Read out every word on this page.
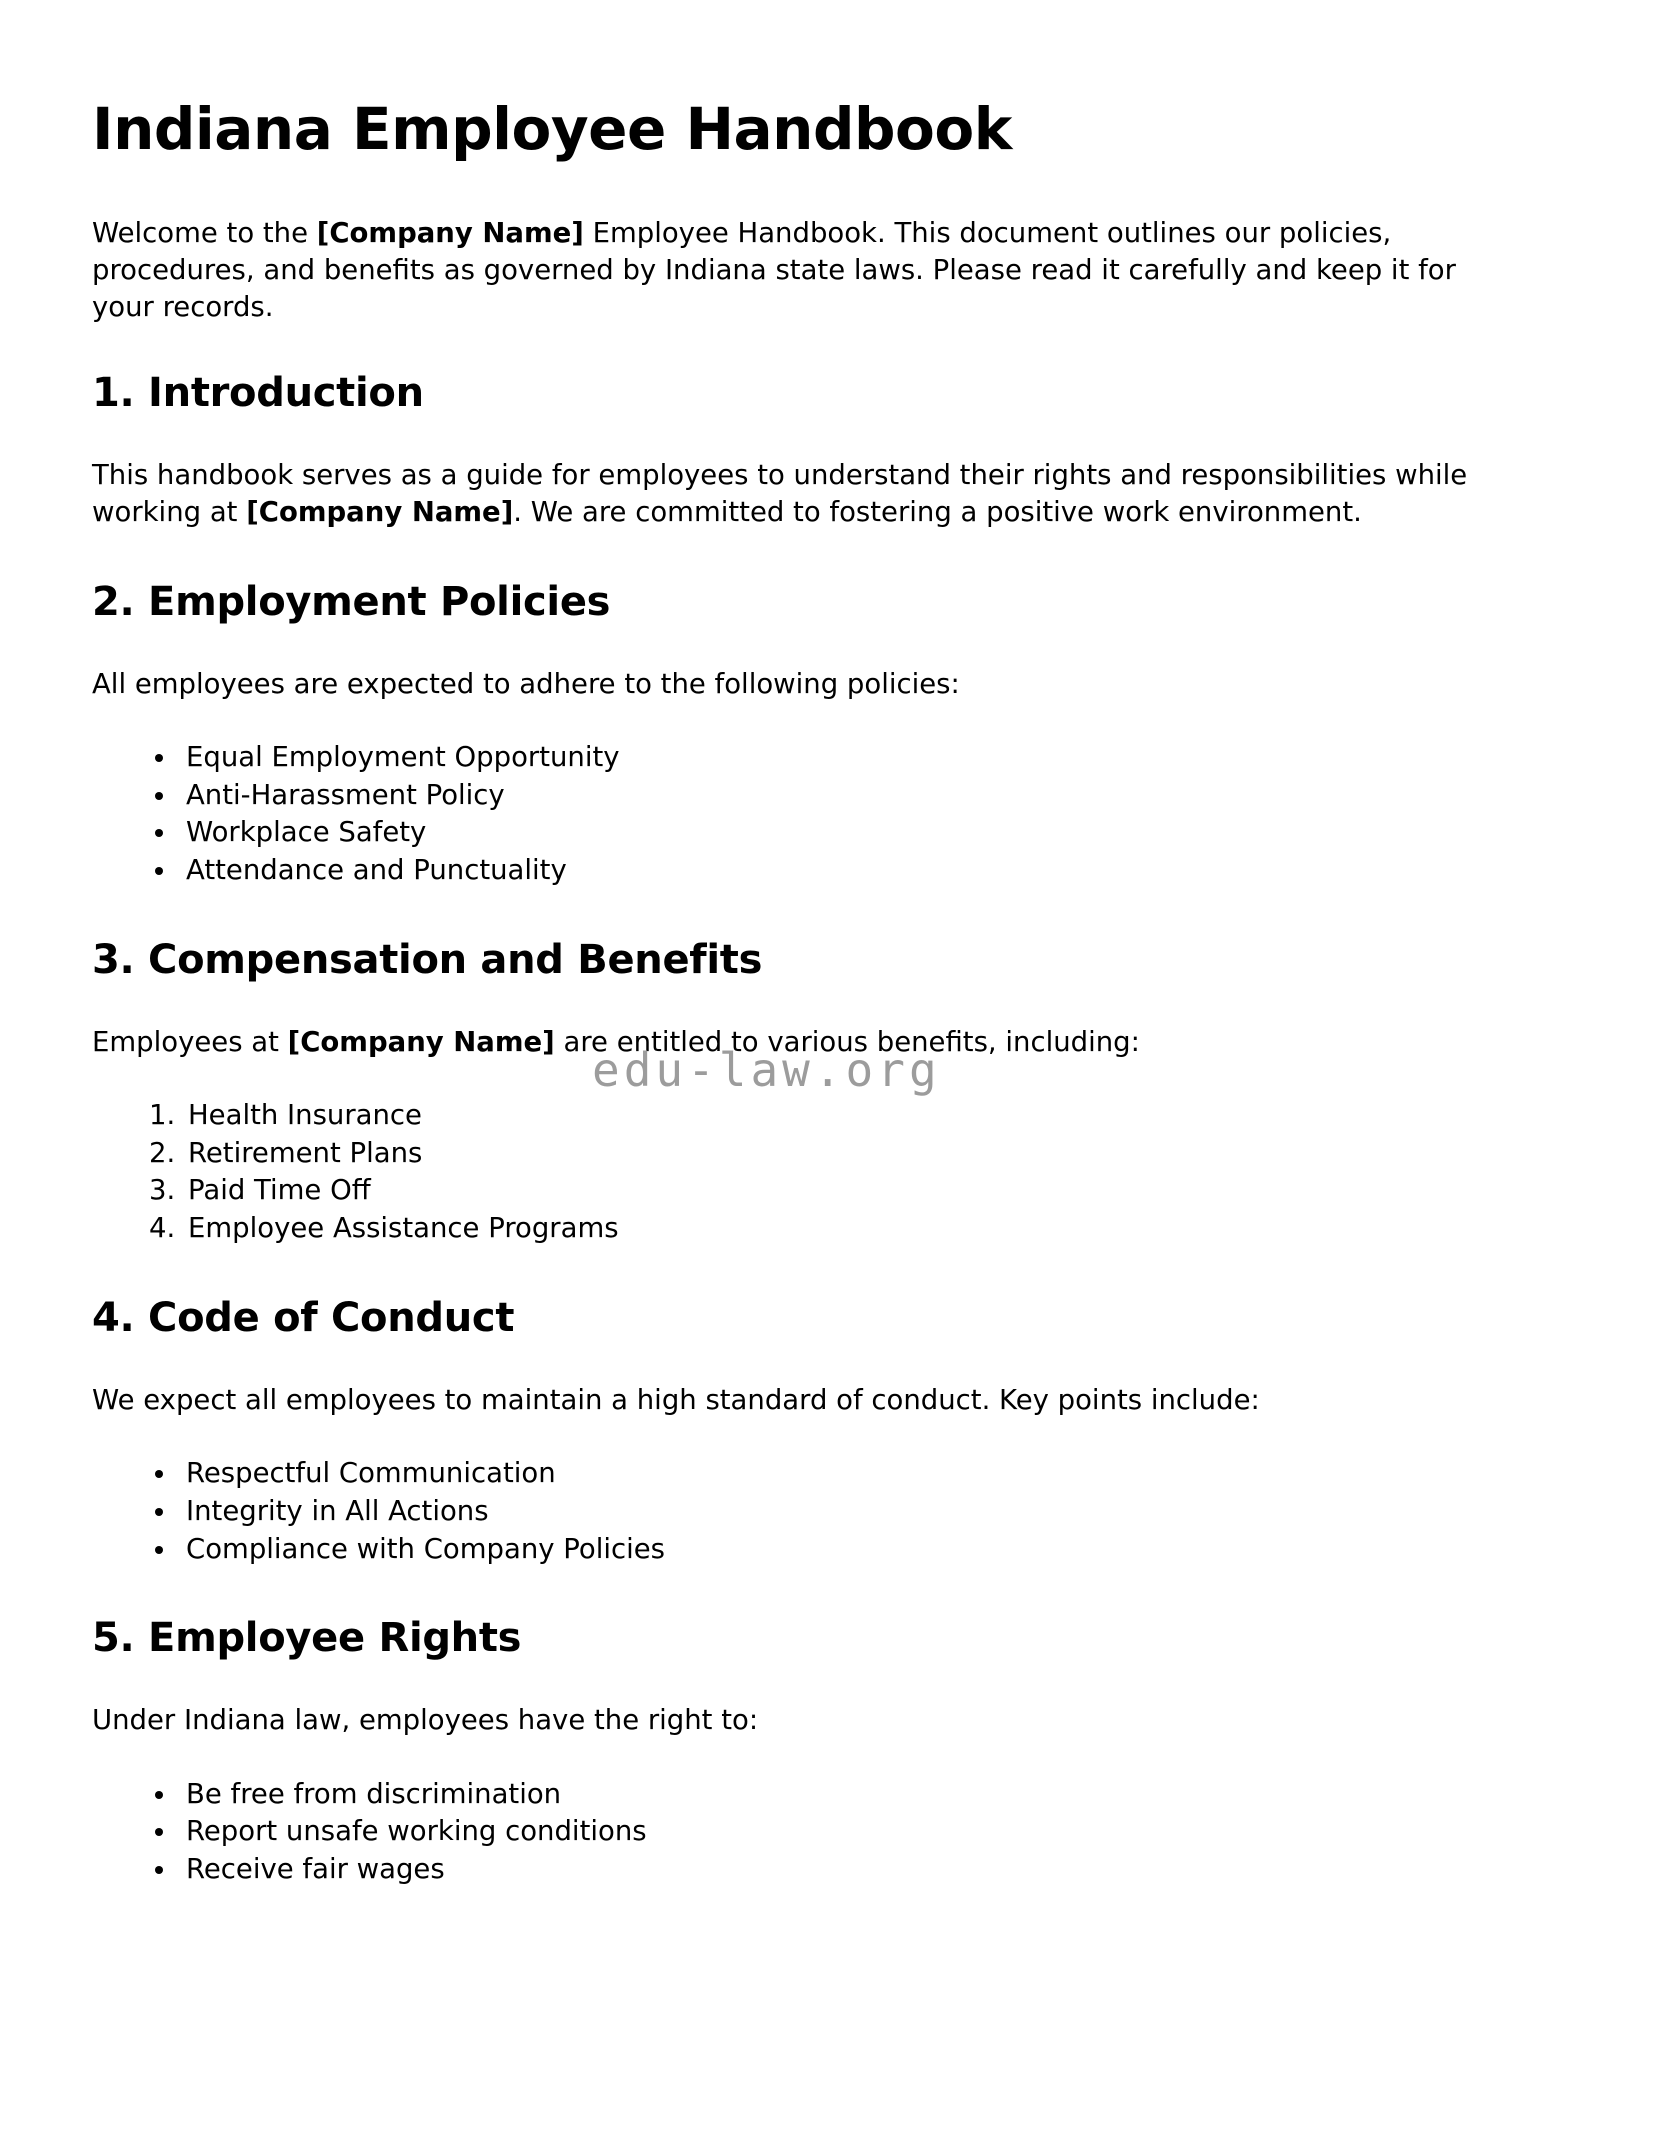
Indiana Employee Handbook

Welcome to the [Company Name] Employee Handbook. This document outlines our policies, procedures, and benefits as governed by Indiana state laws. Please read it carefully and keep it for your records.

1. Introduction

This handbook serves as a guide for employees to understand their rights and responsibilities while working at [Company Name]. We are committed to fostering a positive work environment.

2. Employment Policies

All employees are expected to adhere to the following policies:

• Equal Employment Opportunity
• Anti-Harassment Policy
• Workplace Safety
• Attendance and Punctuality
3. Compensation and Benefits

Employees at [Company Name] are entitled to various benefits, including:

1. Health Insurance
2. Retirement Plans
3. Paid Time Off
4. Employee Assistance Programs
4. Code of Conduct

We expect all employees to maintain a high standard of conduct. Key points include:

• Respectful Communication
• Integrity in All Actions
• Compliance with Company Policies
5. Employee Rights

Under Indiana law, employees have the right to:

• Be free from discrimination
• Report unsafe working conditions
• Receive fair wages
edu-law.org
